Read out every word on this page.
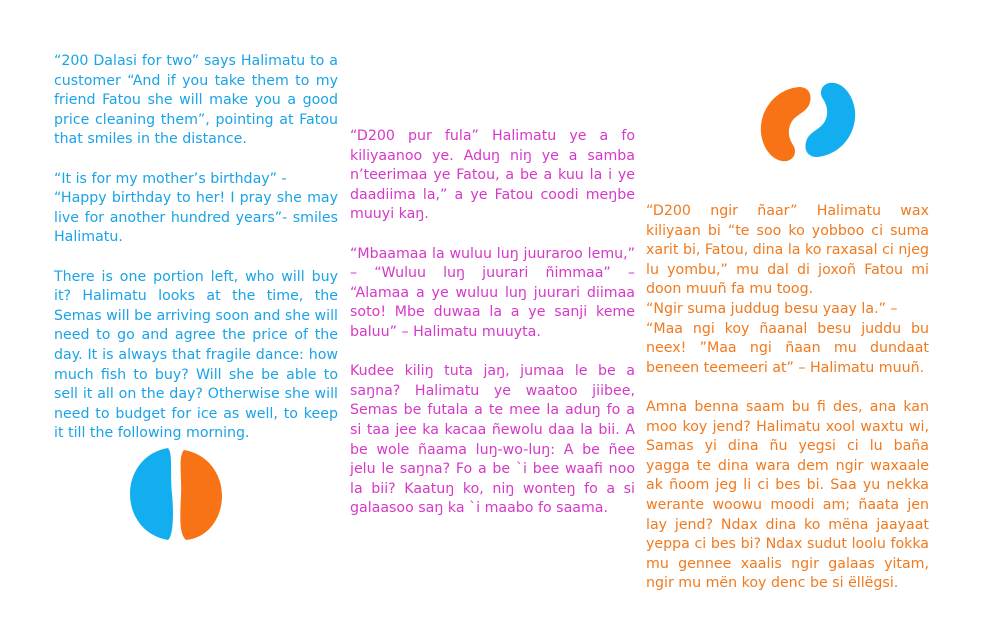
“200 Dalasi for two” says Halimatu to a customer “And if you take them to my friend Fatou she will make you a good price cleaning them”, pointing at Fatou that smiles in the distance.

“It is for my mother’s birthday” -
“Happy birthday to her! I pray she may live for another hundred years”- smiles Halimatu.

There is one portion left, who will buy it? Halimatu looks at the time, the Semas will be arriving soon and she will need to go and agree the price of the day. It is always that fragile dance: how much fish to buy? Will she be able to sell it all on the day? Otherwise she will need to budget for ice as well, to keep it till the following morning.

“D200 pur fula” Halimatu ye a fo kiliyaanoo ye. Aduŋ niŋ ye a samba n’teerimaa ye Fatou, a be a kuu la i ye daadiima la,” a ye Fatou coodi meŋbe muuyi kaŋ.

“Mbaamaa la wuluu luŋ juuraroo lemu,” – “Wuluu luŋ juurari ñimmaa” – “Alamaa a ye wuluu luŋ juurari diimaa soto! Mbe duwaa la a ye sanji keme baluu” – Halimatu muuyta.

Kudee kiliŋ tuta jaŋ, jumaa le be a saŋna? Halimatu ye waatoo jiibee, Semas be futala a te mee la aduŋ fo a si taa jee ka kacaa ñewolu daa la bii. A be wole ñaama luŋ-wo-luŋ: A be ñee jelu le saŋna? Fo a be `i bee waafi noo la bii? Kaatuŋ ko, niŋ wonteŋ fo a si galaasoo saŋ ka `i maabo fo saama.

“D200 ngir ñaar” Halimatu wax kiliyaan bi “te soo ko yobboo ci suma xarit bi, Fatou, dina la ko raxasal ci njeg lu yombu,” mu dal di joxoñ Fatou mi doon muuñ fa mu toog.
“Ngir suma juddug besu yaay la.” –
“Maa ngi koy ñaanal besu juddu bu neex! ”Maa ngi ñaan mu dundaat beneen teemeeri at” – Halimatu muuñ.

Amna benna saam bu fi des, ana kan moo koy jend? Halimatu xool waxtu wi, Samas yi dina ñu yegsi ci lu baña yagga te dina wara dem ngir waxaale ak ñoom jeg li ci bes bi. Saa yu nekka werante woowu moodi am; ñaata jen lay jend? Ndax dina ko mëna jaayaat yeppa ci bes bi? Ndax sudut loolu fokka mu gennee xaalis ngir galaas yitam, ngir mu mën koy denc be si ëllëgsi.
